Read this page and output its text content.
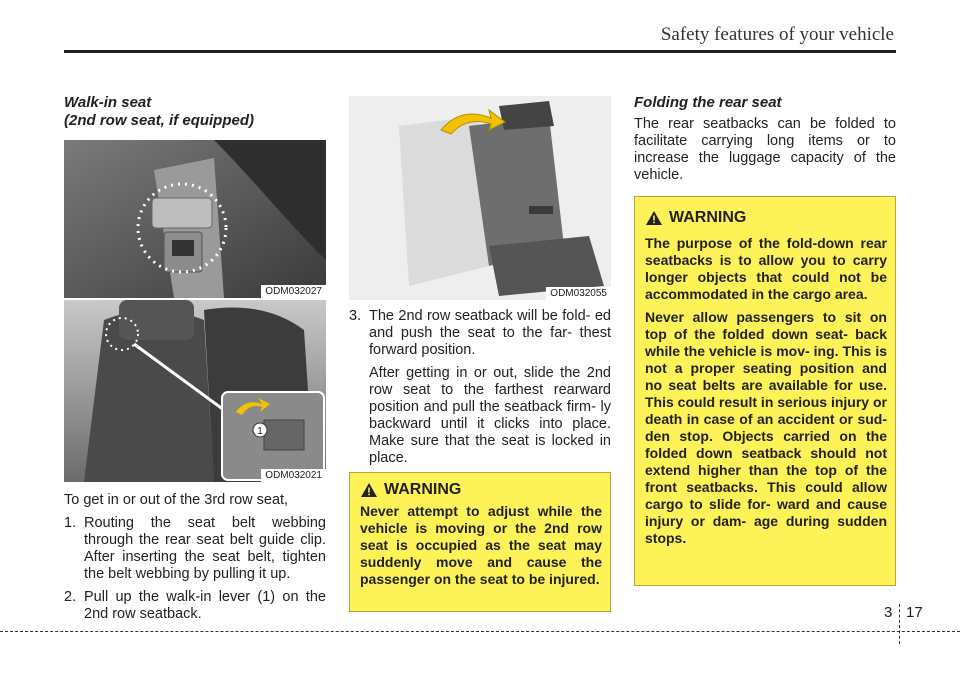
Safety features of your vehicle
Walk-in seat
(2nd row seat, if equipped)
ODM032027
1
ODM032021

To get in or out of the 3rd row seat,

1. Routing the seat belt webbing through the rear seat belt guide clip. After inserting the seat belt, tighten the belt webbing by pulling it up.
2. Pull up the walk-in lever (1) on the 2nd row seatback.
ODM032055
3. The 2nd row seatback will be fold- ed and push the seat to the far- thest forward position.

After getting in or out, slide the 2nd row seat to the farthest rearward position and pull the seatback firm- ly backward until it clicks into place. Make sure that the seat is locked in place.

WARNING

Never attempt to adjust while the vehicle is moving or the 2nd row seat is occupied as the seat may suddenly move and cause the passenger on the seat to be injured.

Folding the rear seat

The rear seatbacks can be folded to facilitate carrying long items or to increase the luggage capacity of the vehicle.

WARNING

The purpose of the fold-down rear seatbacks is to allow you to carry longer objects that could not be accommodated in the cargo area.

Never allow passengers to sit on top of the folded down seat- back while the vehicle is mov- ing. This is not a proper seating position and no seat belts are available for use. This could result in serious injury or death in case of an accident or sud- den stop. Objects carried on the folded down seatback should not extend higher than the top of the front seatbacks. This could allow cargo to slide for- ward and cause injury or dam- age during sudden stops.

3 17
